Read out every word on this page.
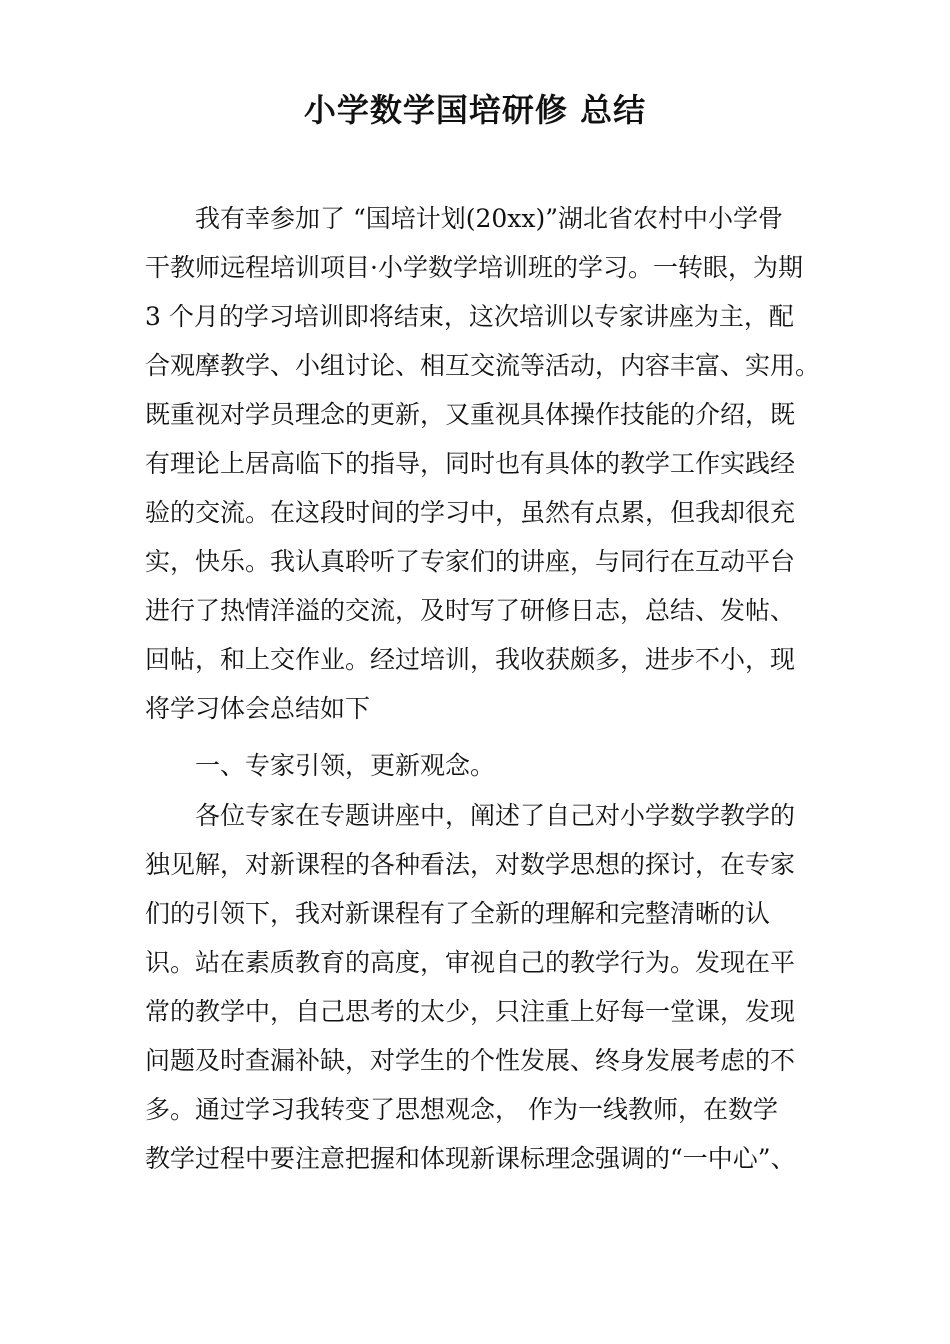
小学数学国培研修 总结

我有幸参加了 “国培计划(20xx)”湖北省农村中小学骨

干教师远程培训项目·小学数学培训班的学习。一转眼，为期

3 个月的学习培训即将结束，这次培训以专家讲座为主，配

合观摩教学、小组讨论、相互交流等活动，内容丰富、实用。

既重视对学员理念的更新，又重视具体操作技能的介绍，既

有理论上居高临下的指导，同时也有具体的教学工作实践经

验的交流。在这段时间的学习中，虽然有点累，但我却很充

实，快乐。我认真聆听了专家们的讲座，与同行在互动平台

进行了热情洋溢的交流，及时写了研修日志，总结、发帖、

回帖，和上交作业。经过培训，我收获颇多，进步不小，现

将学习体会总结如下

一、专家引领，更新观念。

各位专家在专题讲座中，阐述了自己对小学数学教学的

独见解，对新课程的各种看法，对数学思想的探讨，在专家

们的引领下，我对新课程有了全新的理解和完整清晰的认

识。站在素质教育的高度，审视自己的教学行为。发现在平

常的教学中，自己思考的太少，只注重上好每一堂课，发现

问题及时查漏补缺，对学生的个性发展、终身发展考虑的不

多。通过学习我转变了思想观念， 作为一线教师，在数学

教学过程中要注意把握和体现新课标理念强调的“一中心”、
